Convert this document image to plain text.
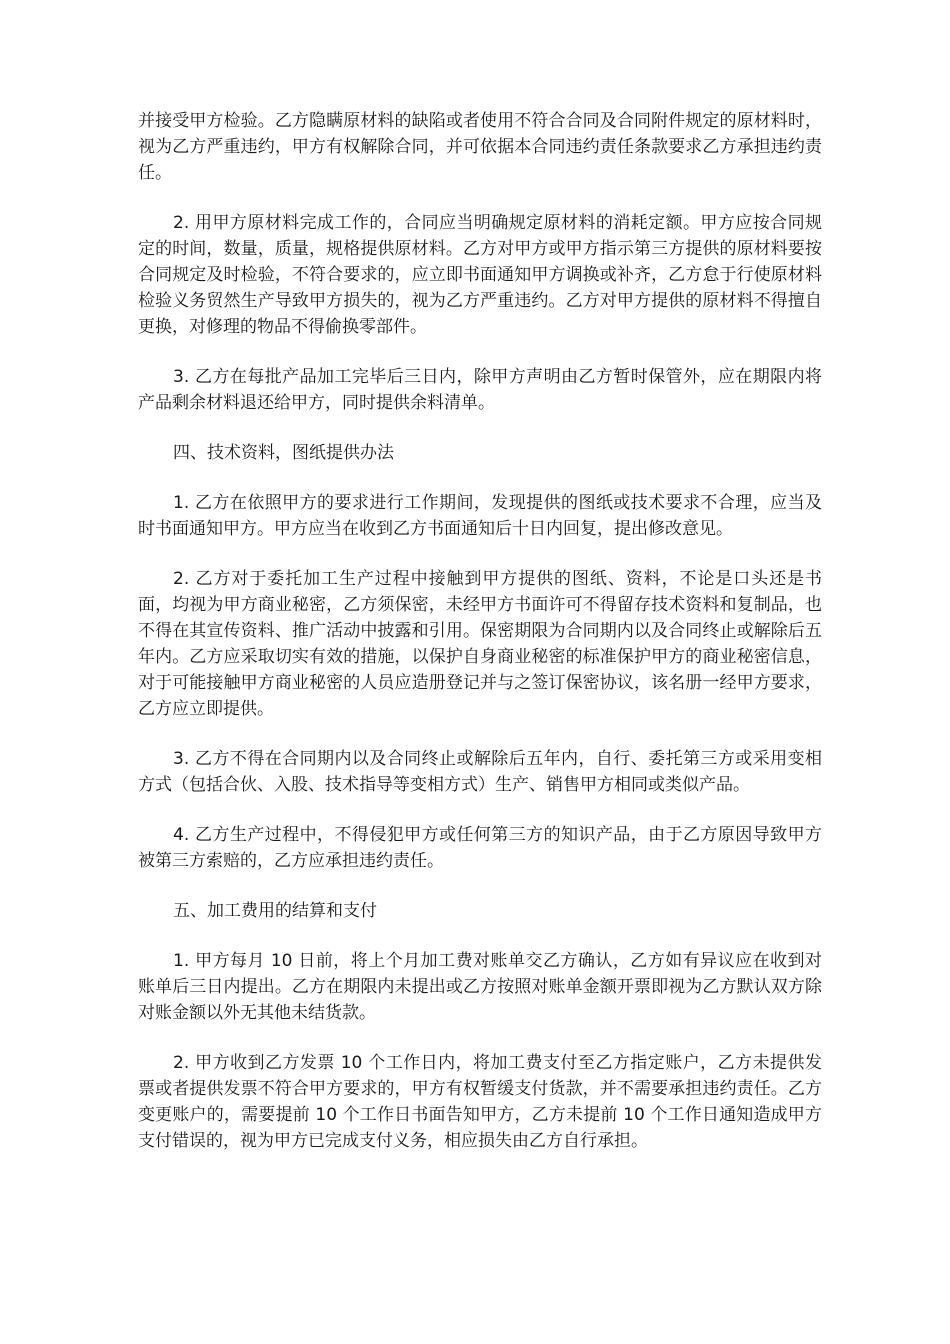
并接受甲方检验。乙方隐瞒原材料的缺陷或者使用不符合合同及合同附件规定的原材料时，视为乙方严重违约，甲方有权解除合同，并可依据本合同违约责任条款要求乙方承担违约责任。

2. 用甲方原材料完成工作的，合同应当明确规定原材料的消耗定额。甲方应按合同规定的时间，数量，质量，规格提供原材料。乙方对甲方或甲方指示第三方提供的原材料要按合同规定及时检验，不符合要求的，应立即书面通知甲方调换或补齐，乙方怠于行使原材料检验义务贸然生产导致甲方损失的，视为乙方严重违约。乙方对甲方提供的原材料不得擅自更换，对修理的物品不得偷换零部件。

3. 乙方在每批产品加工完毕后三日内，除甲方声明由乙方暂时保管外，应在期限内将产品剩余材料退还给甲方，同时提供余料清单。

四、技术资料，图纸提供办法

1. 乙方在依照甲方的要求进行工作期间，发现提供的图纸或技术要求不合理，应当及时书面通知甲方。甲方应当在收到乙方书面通知后十日内回复，提出修改意见。

2. 乙方对于委托加工生产过程中接触到甲方提供的图纸、资料，不论是口头还是书面，均视为甲方商业秘密，乙方须保密，未经甲方书面许可不得留存技术资料和复制品，也不得在其宣传资料、推广活动中披露和引用。保密期限为合同期内以及合同终止或解除后五年内。乙方应采取切实有效的措施，以保护自身商业秘密的标准保护甲方的商业秘密信息，对于可能接触甲方商业秘密的人员应造册登记并与之签订保密协议，该名册一经甲方要求，乙方应立即提供。

3. 乙方不得在合同期内以及合同终止或解除后五年内，自行、委托第三方或采用变相方式（包括合伙、入股、技术指导等变相方式）生产、销售甲方相同或类似产品。

4. 乙方生产过程中，不得侵犯甲方或任何第三方的知识产品，由于乙方原因导致甲方被第三方索赔的，乙方应承担违约责任。

五、加工费用的结算和支付

1. 甲方每月 10 日前，将上个月加工费对账单交乙方确认，乙方如有异议应在收到对账单后三日内提出。乙方在期限内未提出或乙方按照对账单金额开票即视为乙方默认双方除对账金额以外无其他未结货款。

2. 甲方收到乙方发票 10 个工作日内，将加工费支付至乙方指定账户，乙方未提供发票或者提供发票不符合甲方要求的，甲方有权暂缓支付货款，并不需要承担违约责任。乙方变更账户的，需要提前 10 个工作日书面告知甲方，乙方未提前 10 个工作日通知造成甲方支付错误的，视为甲方已完成支付义务，相应损失由乙方自行承担。
